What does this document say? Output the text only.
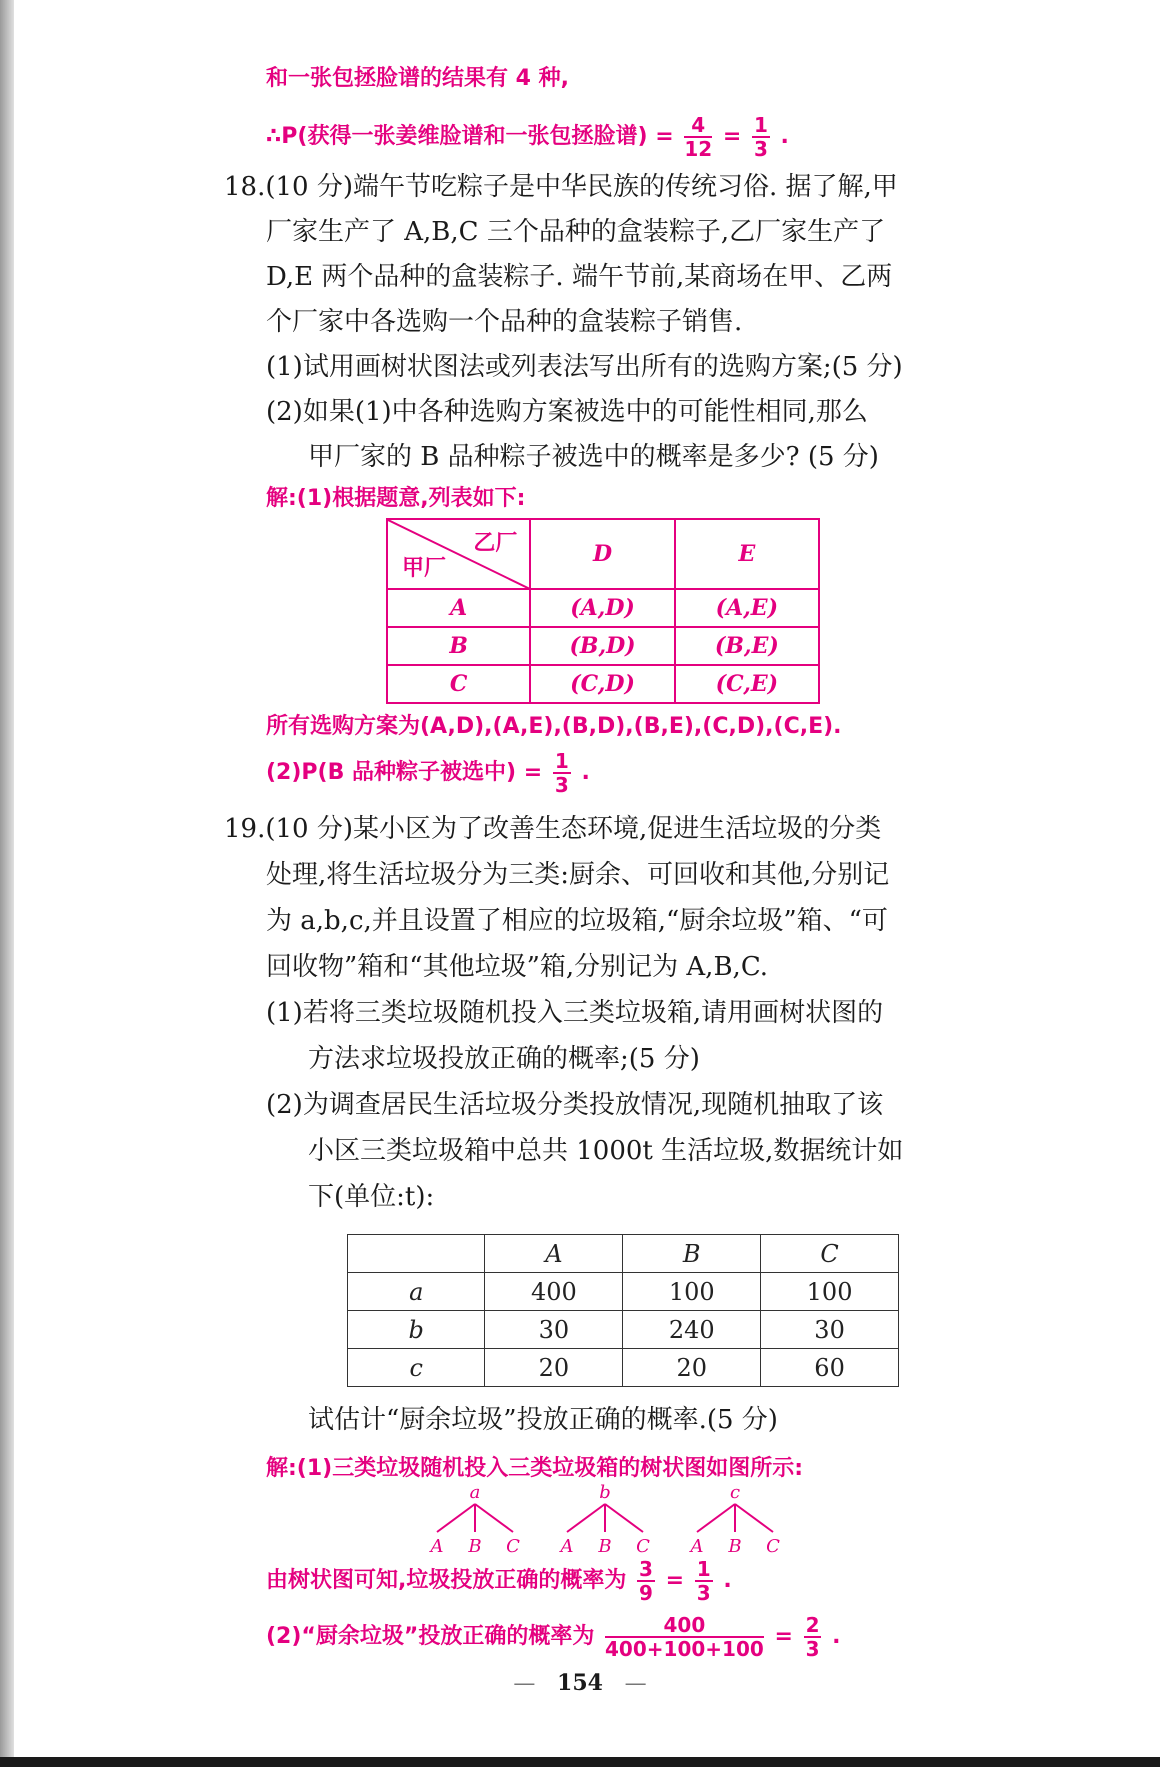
和一张包拯脸谱的结果有 4 种,
∴P(获得一张姜维脸谱和一张包拯脸谱) = $\frac{4}{12} = \frac{1}{3}$ .
18.(10 分)端午节吃粽子是中华民族的传统习俗. 据了解,甲
厂家生产了 A,B,C 三个品种的盒装粽子,乙厂家生产了
D,E 两个品种的盒装粽子. 端午节前,某商场在甲、乙两
个厂家中各选购一个品种的盒装粽子销售.
(1)试用画树状图法或列表法写出所有的选购方案;(5 分)
(2)如果(1)中各种选购方案被选中的可能性相同,那么
甲厂家的 B 品种粽子被选中的概率是多少? (5 分)
解:(1)根据题意,列表如下:
乙厂
甲厂	D	E
A	(A,D)	(A,E)
B	(B,D)	(B,E)
C	(C,D)	(C,E)
所有选购方案为(A,D),(A,E),(B,D),(B,E),(C,D),(C,E).
(2)P(B 品种粽子被选中) = $\frac{1}{3}$ .
19.(10 分)某小区为了改善生态环境,促进生活垃圾的分类
处理,将生活垃圾分为三类:厨余、可回收和其他,分别记
为 a,b,c,并且设置了相应的垃圾箱,“厨余垃圾”箱、“可
回收物”箱和“其他垃圾”箱,分别记为 A,B,C.
(1)若将三类垃圾随机投入三类垃圾箱,请用画树状图的
方法求垃圾投放正确的概率;(5 分)
(2)为调查居民生活垃圾分类投放情况,现随机抽取了该
小区三类垃圾箱中总共 1000t 生活垃圾,数据统计如
下(单位:t):
	A	B	C
a	400	100	100
b	30	240	30
c	20	20	60
试估计“厨余垃圾”投放正确的概率.(5 分)
解:(1)三类垃圾随机投入三类垃圾箱的树状图如图所示:
a
A B C
b
A B C
c
A B C
由树状图可知,垃圾投放正确的概率为 $\frac{3}{9} = \frac{1}{3}$ .
(2)“厨余垃圾”投放正确的概率为 $\frac{400}{400+100+100} = \frac{2}{3}$ .
— 154 —
